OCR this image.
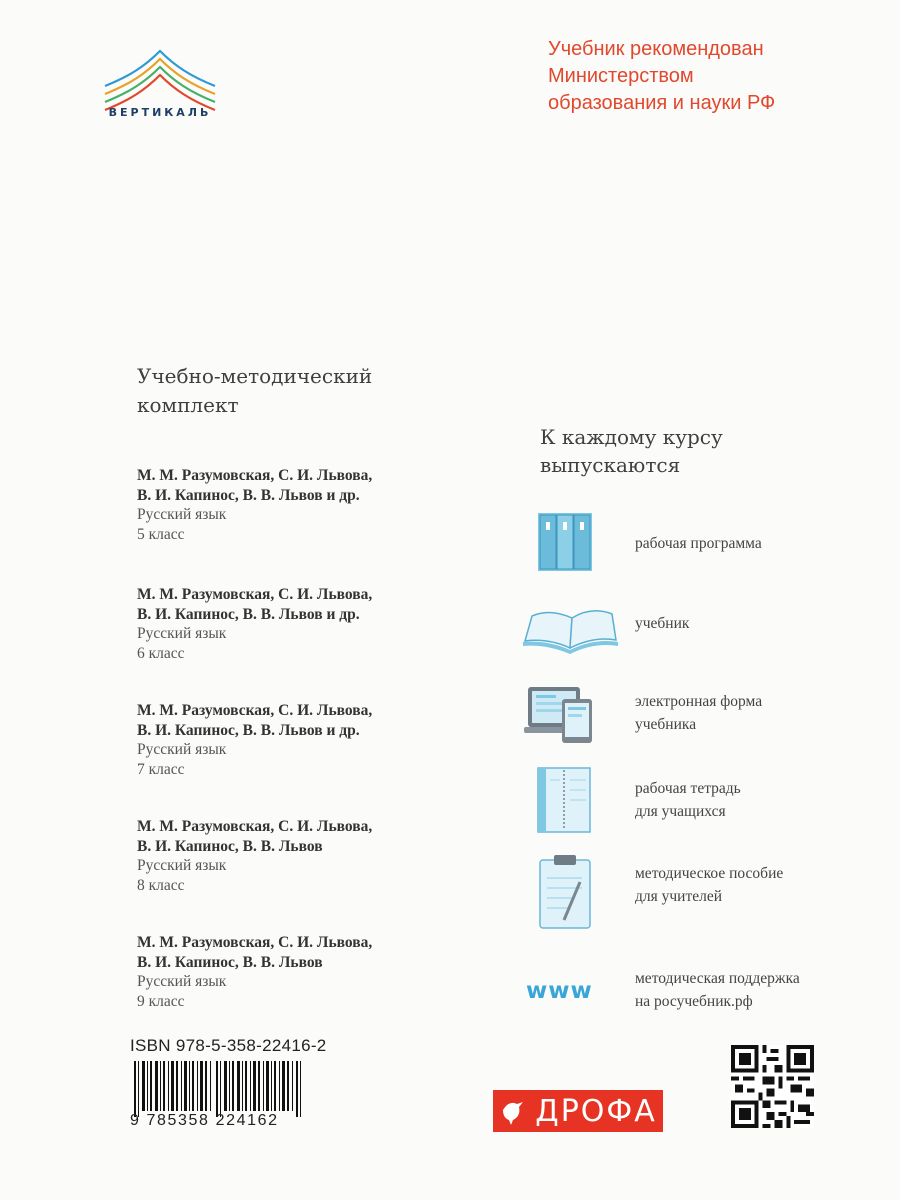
ВЕРТИКАЛЬ
Учебник рекомендован
Министерством
образования и науки РФ
Учебно-методический
комплект
М. М. Разумовская, С. И. Львова,
В. И. Капинос, В. В. Львов и др.
Русский язык
5 класс
М. М. Разумовская, С. И. Львова,
В. И. Капинос, В. В. Львов и др.
Русский язык
6 класс
М. М. Разумовская, С. И. Львова,
В. И. Капинос, В. В. Львов и др.
Русский язык
7 класс
М. М. Разумовская, С. И. Львова,
В. И. Капинос, В. В. Львов
Русский язык
8 класс
М. М. Разумовская, С. И. Львова,
В. И. Капинос, В. В. Львов
Русский язык
9 класс
К каждому курсу
выпускаются
рабочая программа
учебник
электронная форма
учебника
рабочая тетрадь
для учащихся
методическое пособие
для учителей
www	методическая поддержка
на росучебник.рф
ISBN 978-5-358-22416-2
9 785358 224162	ДРОФА
